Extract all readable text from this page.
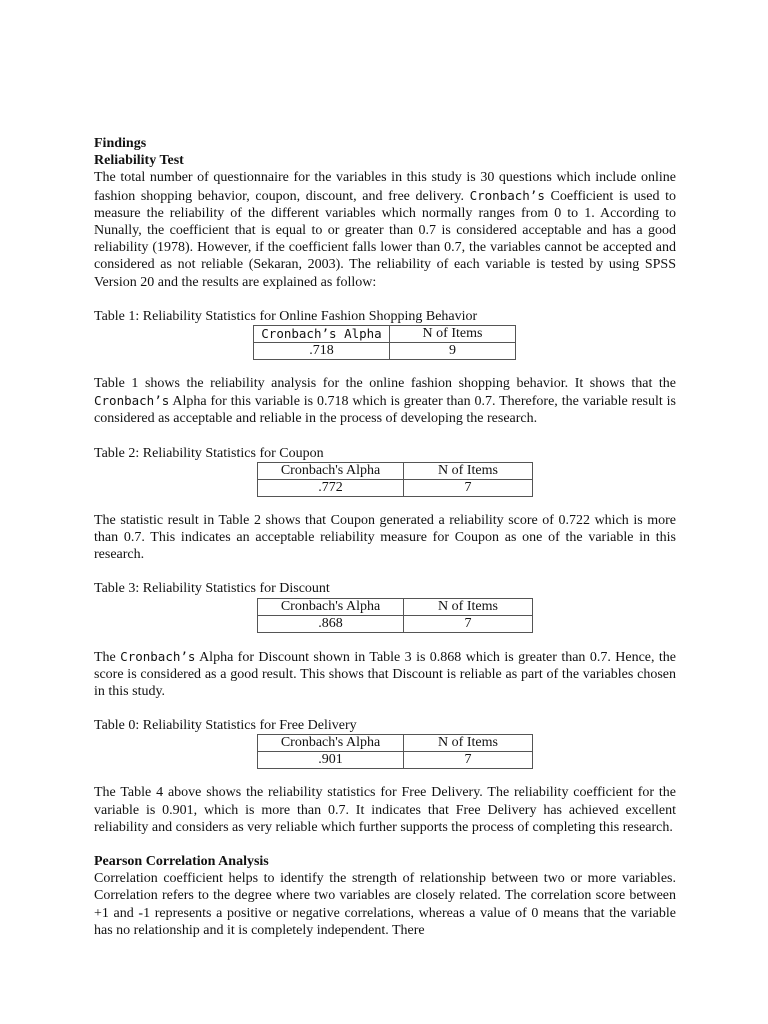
Findings

Reliability Test

The total number of questionnaire for the variables in this study is 30 questions which include online fashion shopping behavior, coupon, discount, and free delivery. Cronbach’s Coefficient is used to measure the reliability of the different variables which normally ranges from 0 to 1. According to Nunally, the coefficient that is equal to or greater than 0.7 is considered acceptable and has a good reliability (1978). However, if the coefficient falls lower than 0.7, the variables cannot be accepted and considered as not reliable (Sekaran, 2003). The reliability of each variable is tested by using SPSS Version 20 and the results are explained as follow:

Table 1: Reliability Statistics for Online Fashion Shopping Behavior

Cronbach’s Alpha	N of Items
.718	9

Table 1 shows the reliability analysis for the online fashion shopping behavior. It shows that the Cronbach’s Alpha for this variable is 0.718 which is greater than 0.7. Therefore, the variable result is considered as acceptable and reliable in the process of developing the research.

Table 2: Reliability Statistics for Coupon

Cronbach's Alpha	N of Items
.772	7

The statistic result in Table 2 shows that Coupon generated a reliability score of 0.722 which is more than 0.7. This indicates an acceptable reliability measure for Coupon as one of the variable in this research.

Table 3: Reliability Statistics for Discount

Cronbach's Alpha	N of Items
.868	7

The Cronbach’s Alpha for Discount shown in Table 3 is 0.868 which is greater than 0.7. Hence, the score is considered as a good result. This shows that Discount is reliable as part of the variables chosen in this study.

Table 0: Reliability Statistics for Free Delivery

Cronbach's Alpha	N of Items
.901	7

The Table 4 above shows the reliability statistics for Free Delivery. The reliability coefficient for the variable is 0.901, which is more than 0.7. It indicates that Free Delivery has achieved excellent reliability and considers as very reliable which further supports the process of completing this research.

Pearson Correlation Analysis

Correlation coefficient helps to identify the strength of relationship between two or more variables. Correlation refers to the degree where two variables are closely related. The correlation score between +1 and -1 represents a positive or negative correlations, whereas a value of 0 means that the variable has no relationship and it is completely independent. There
